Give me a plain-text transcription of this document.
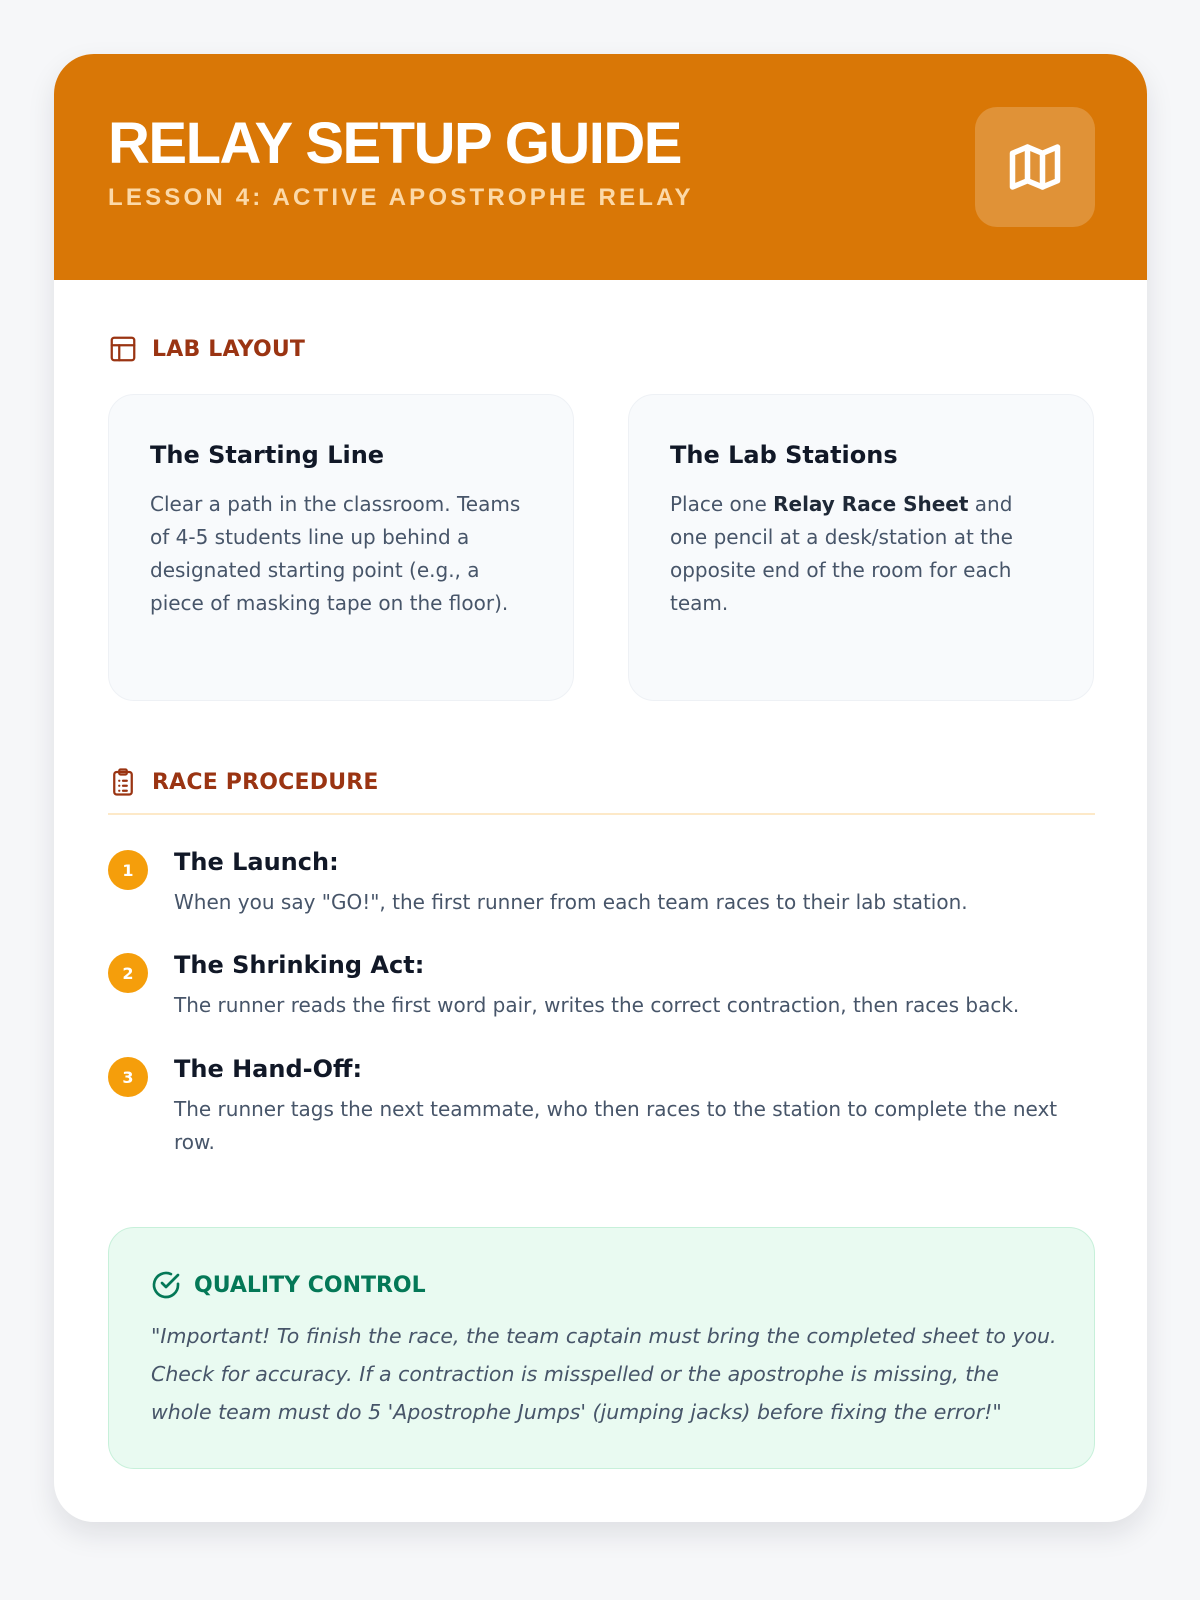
RELAY SETUP GUIDE
LESSON 4: ACTIVE APOSTROPHE RELAY
LAB LAYOUT
The Starting Line

Clear a path in the classroom. Teams of 4-5 students line up behind a designated starting point (e.g., a piece of masking tape on the floor).

The Lab Stations

Place one Relay Race Sheet and one pencil at a desk/station at the opposite end of the room for each team.

RACE PROCEDURE
1	The Launch:
When you say "GO!", the first runner from each team races to their lab station.
2	The Shrinking Act:
The runner reads the first word pair, writes the correct contraction, then races back.
3	The Hand-Off:
The runner tags the next teammate, who then races to the station to complete the next row.
QUALITY CONTROL
"Important! To finish the race, the team captain must bring the completed sheet to you. Check for accuracy. If a contraction is misspelled or the apostrophe is missing, the whole team must do 5 'Apostrophe Jumps' (jumping jacks) before fixing the error!"
